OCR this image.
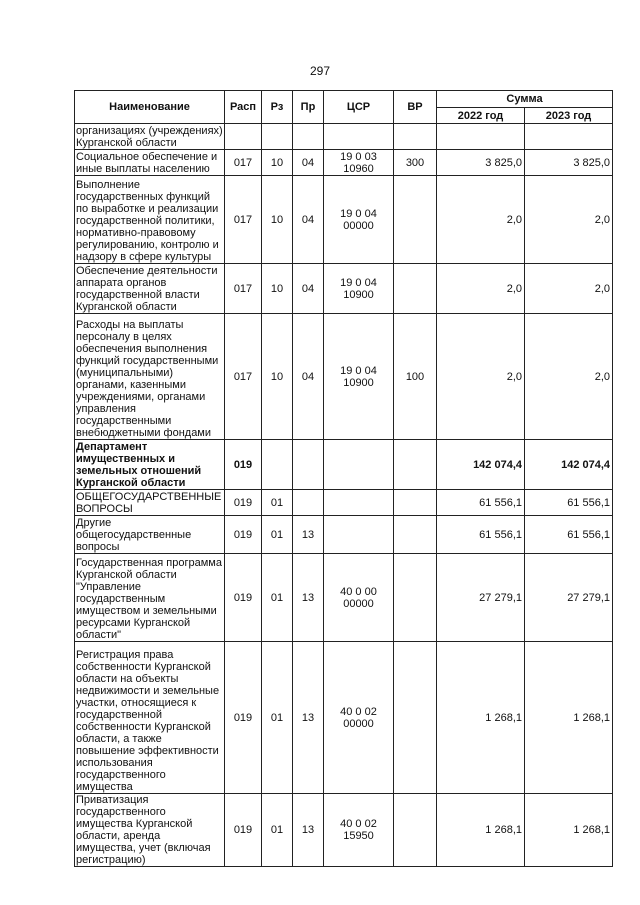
297
Наименование	Расп	Рз	Пр	ЦСР	ВР	Сумма	
						2022 год	2023 год
организациях (учреждениях) Курганской области							
Социальное обеспечение и иные выплаты населению	017	10	04	19 0 03 10960	300	3 825,0	3 825,0
Выполнение государственных функций по выработке и реализации государственной политики, нормативно-правовому регулированию, контролю и надзору в сфере культуры	017	10	04	19 0 04 00000		2,0	2,0
Обеспечение деятельности аппарата органов государственной власти Курганской области	017	10	04	19 0 04 10900		2,0	2,0
Расходы на выплаты персоналу в целях обеспечения выполнения функций государственными (муниципальными) органами, казенными учреждениями, органами управления государственными внебюджетными фондами	017	10	04	19 0 04 10900	100	2,0	2,0
Департамент имущественных и земельных отношений Курганской области	019					142 074,4	142 074,4
ОБЩЕГОСУДАРСТВЕННЫЕ ВОПРОСЫ	019	01				61 556,1	61 556,1
Другие общегосударственные вопросы	019	01	13			61 556,1	61 556,1
Государственная программа Курганской области "Управление государственным имуществом и земельными ресурсами Курганской области"	019	01	13	40 0 00 00000		27 279,1	27 279,1
Регистрация права собственности Курганской области на объекты недвижимости и земельные участки, относящиеся к государственной собственности Курганской области, а также повышение эффективности использования государственного имущества	019	01	13	40 0 02 00000		1 268,1	1 268,1
Приватизация государственного имущества Курганской области, аренда имущества, учет (включая регистрацию)	019	01	13	40 0 02 15950		1 268,1	1 268,1
